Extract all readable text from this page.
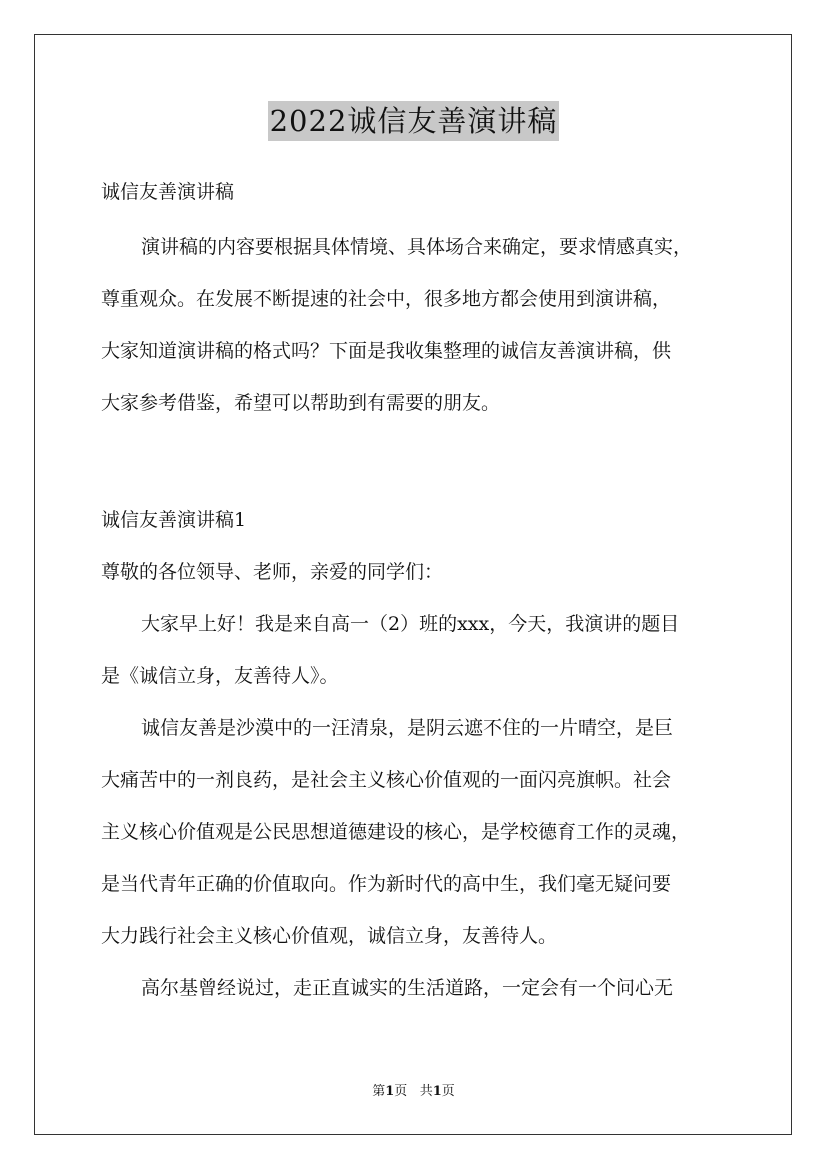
2022诚信友善演讲稿
诚信友善演讲稿
演讲稿的内容要根据具体情境、具体场合来确定，要求情感真实，
尊重观众。在发展不断提速的社会中，很多地方都会使用到演讲稿，
大家知道演讲稿的格式吗？下面是我收集整理的诚信友善演讲稿，供
大家参考借鉴，希望可以帮助到有需要的朋友。
诚信友善演讲稿1
尊敬的各位领导、老师，亲爱的同学们：
大家早上好！我是来自高一（2）班的xxx，今天，我演讲的题目
是《诚信立身，友善待人》。
诚信友善是沙漠中的一汪清泉，是阴云遮不住的一片晴空，是巨
大痛苦中的一剂良药，是社会主义核心价值观的一面闪亮旗帜。社会
主义核心价值观是公民思想道德建设的核心，是学校德育工作的灵魂，
是当代青年正确的价值取向。作为新时代的高中生，我们毫无疑问要
大力践行社会主义核心价值观，诚信立身，友善待人。
高尔基曾经说过，走正直诚实的生活道路，一定会有一个问心无
第1页 共1页
